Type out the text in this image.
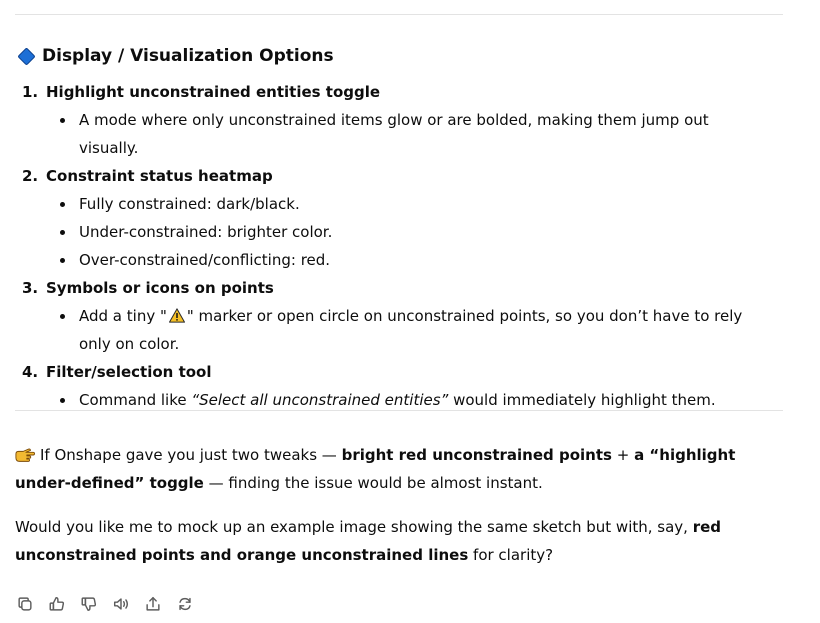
Display / Visualization Options
1. Highlight unconstrained entities toggle
A mode where only unconstrained items glow or are bolded, making them jump out visually.
2. Constraint status heatmap
Fully constrained: dark/black.
Under-constrained: brighter color.
Over-constrained/conflicting: red.
3. Symbols or icons on points
Add a tiny " " marker or open circle on unconstrained points, so you don’t have to rely only on color.
4. Filter/selection tool
Command like “Select all unconstrained entities” would immediately highlight them.
If Onshape gave you just two tweaks — bright red unconstrained points + a “highlight under-defined” toggle — finding the issue would be almost instant.
Would you like me to mock up an example image showing the same sketch but with, say, red unconstrained points and orange unconstrained lines for clarity?
